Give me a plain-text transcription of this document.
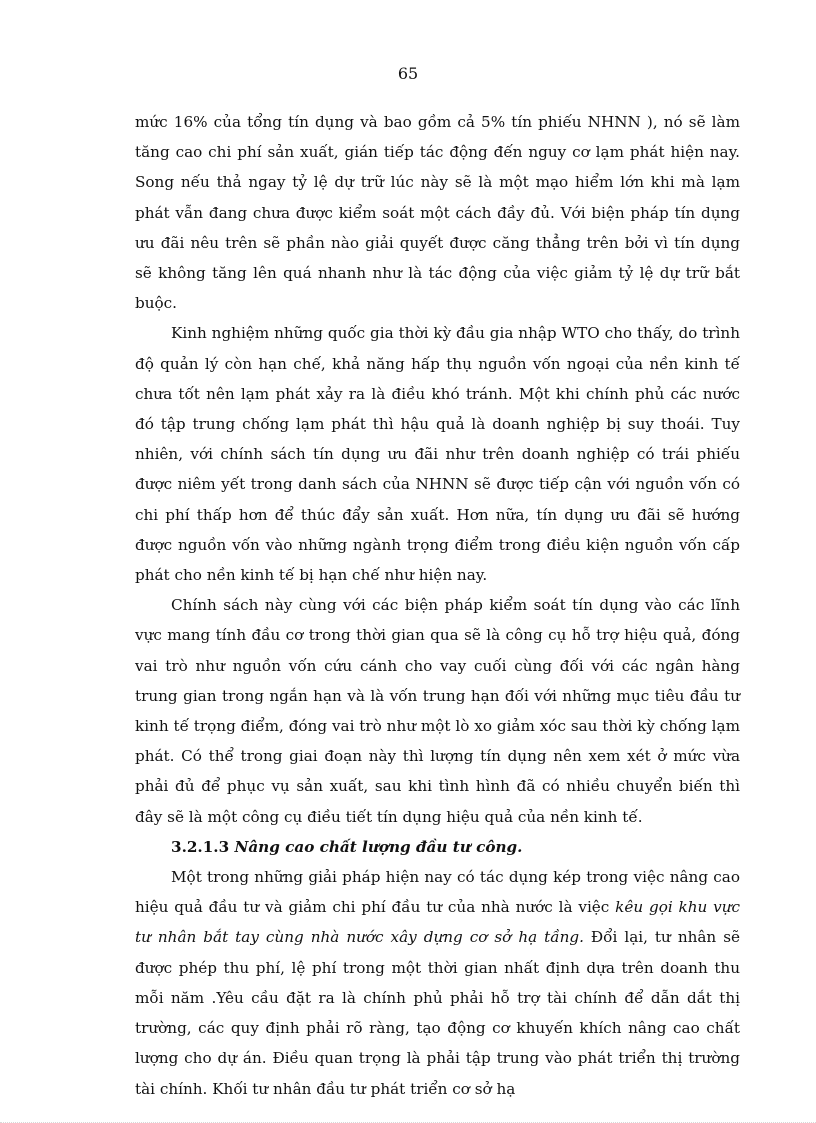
65

mức 16% của tổng tín dụng và bao gồm cả 5% tín phiếu NHNN ), nó sẽ làm tăng cao chi phí sản xuất, gián tiếp tác động đến nguy cơ lạm phát hiện nay. Song nếu thả ngay tỷ lệ dự trữ lúc này sẽ là một mạo hiểm lớn khi mà lạm phát vẫn đang chưa được kiểm soát một cách đầy đủ. Với biện pháp tín dụng ưu đãi nêu trên sẽ phần nào giải quyết được căng thẳng trên bởi vì tín dụng sẽ không tăng lên quá nhanh như là tác động của việc giảm tỷ lệ dự trữ bắt buộc.

Kinh nghiệm những quốc gia thời kỳ đầu gia nhập WTO cho thấy, do trình độ quản lý còn hạn chế, khả năng hấp thụ nguồn vốn ngoại của nền kinh tế chưa tốt nên lạm phát xảy ra là điều khó tránh. Một khi chính phủ các nước đó tập trung chống lạm phát thì hậu quả là doanh nghiệp bị suy thoái. Tuy nhiên, với chính sách tín dụng ưu đãi như trên doanh nghiệp có trái phiếu được niêm yết trong danh sách của NHNN sẽ được tiếp cận với nguồn vốn có chi phí thấp hơn để thúc đẩy sản xuất. Hơn nữa, tín dụng ưu đãi sẽ hướng được nguồn vốn vào những ngành trọng điểm trong điều kiện nguồn vốn cấp phát cho nền kinh tế bị hạn chế như hiện nay.

Chính sách này cùng với các biện pháp kiểm soát tín dụng vào các lĩnh vực mang tính đầu cơ trong thời gian qua sẽ là công cụ hỗ trợ hiệu quả, đóng vai trò như nguồn vốn cứu cánh cho vay cuối cùng đối với các ngân hàng trung gian trong ngắn hạn và là vốn trung hạn đối với những mục tiêu đầu tư kinh tế trọng điểm, đóng vai trò như một lò xo giảm xóc sau thời kỳ chống lạm phát. Có thể trong giai đoạn này thì lượng tín dụng nên xem xét ở mức vừa phải đủ để phục vụ sản xuất, sau khi tình hình đã có nhiều chuyển biến thì đây sẽ là một công cụ điều tiết tín dụng hiệu quả của nền kinh tế.

3.2.1.3 Nâng cao chất lượng đầu tư công.

Một trong những giải pháp hiện nay có tác dụng kép trong việc nâng cao hiệu quả đầu tư và giảm chi phí đầu tư của nhà nước là việc kêu gọi khu vực tư nhân bắt tay cùng nhà nước xây dựng cơ sở hạ tầng. Đổi lại, tư nhân sẽ được phép thu phí, lệ phí trong một thời gian nhất định dựa trên doanh thu mỗi năm .Yêu cầu đặt ra là chính phủ phải hỗ trợ tài chính để dẫn dắt thị trường, các quy định phải rõ ràng, tạo động cơ khuyến khích nâng cao chất lượng cho dự án. Điều quan trọng là phải tập trung vào phát triển thị trường tài chính. Khối tư nhân đầu tư phát triển cơ sở hạ
